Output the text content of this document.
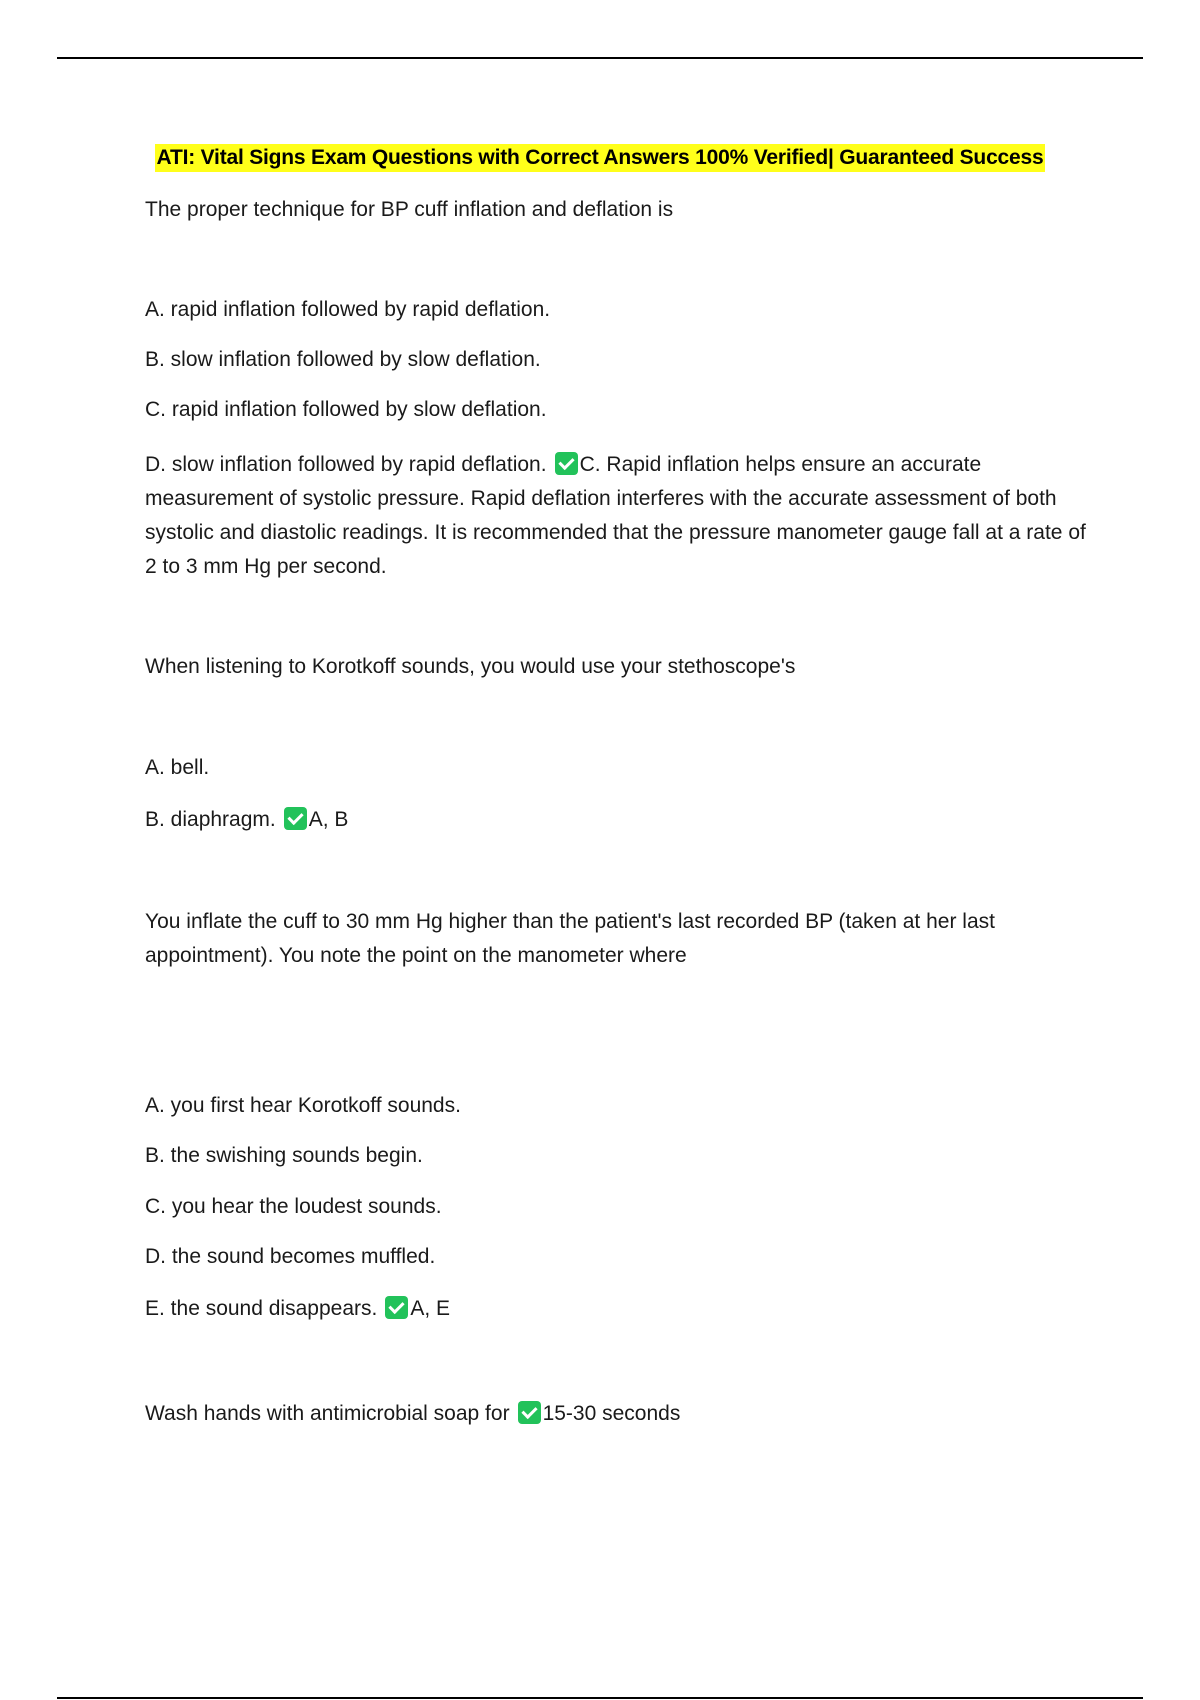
ATI: Vital Signs Exam Questions with Correct Answers 100% Verified| Guaranteed Success
The proper technique for BP cuff inflation and deflation is
A. rapid inflation followed by rapid deflation.
B. slow inflation followed by slow deflation.
C. rapid inflation followed by slow deflation.
D. slow inflation followed by rapid deflation. C. Rapid inflation helps ensure an accurate measurement of systolic pressure. Rapid deflation interferes with the accurate assessment of both systolic and diastolic readings. It is recommended that the pressure manometer gauge fall at a rate of 2 to 3 mm Hg per second.
When listening to Korotkoff sounds, you would use your stethoscope's
A. bell.
B. diaphragm. A, B
You inflate the cuff to 30 mm Hg higher than the patient's last recorded BP (taken at her last appointment). You note the point on the manometer where
A. you first hear Korotkoff sounds.
B. the swishing sounds begin.
C. you hear the loudest sounds.
D. the sound becomes muffled.
E. the sound disappears. A, E
Wash hands with antimicrobial soap for 15-30 seconds
